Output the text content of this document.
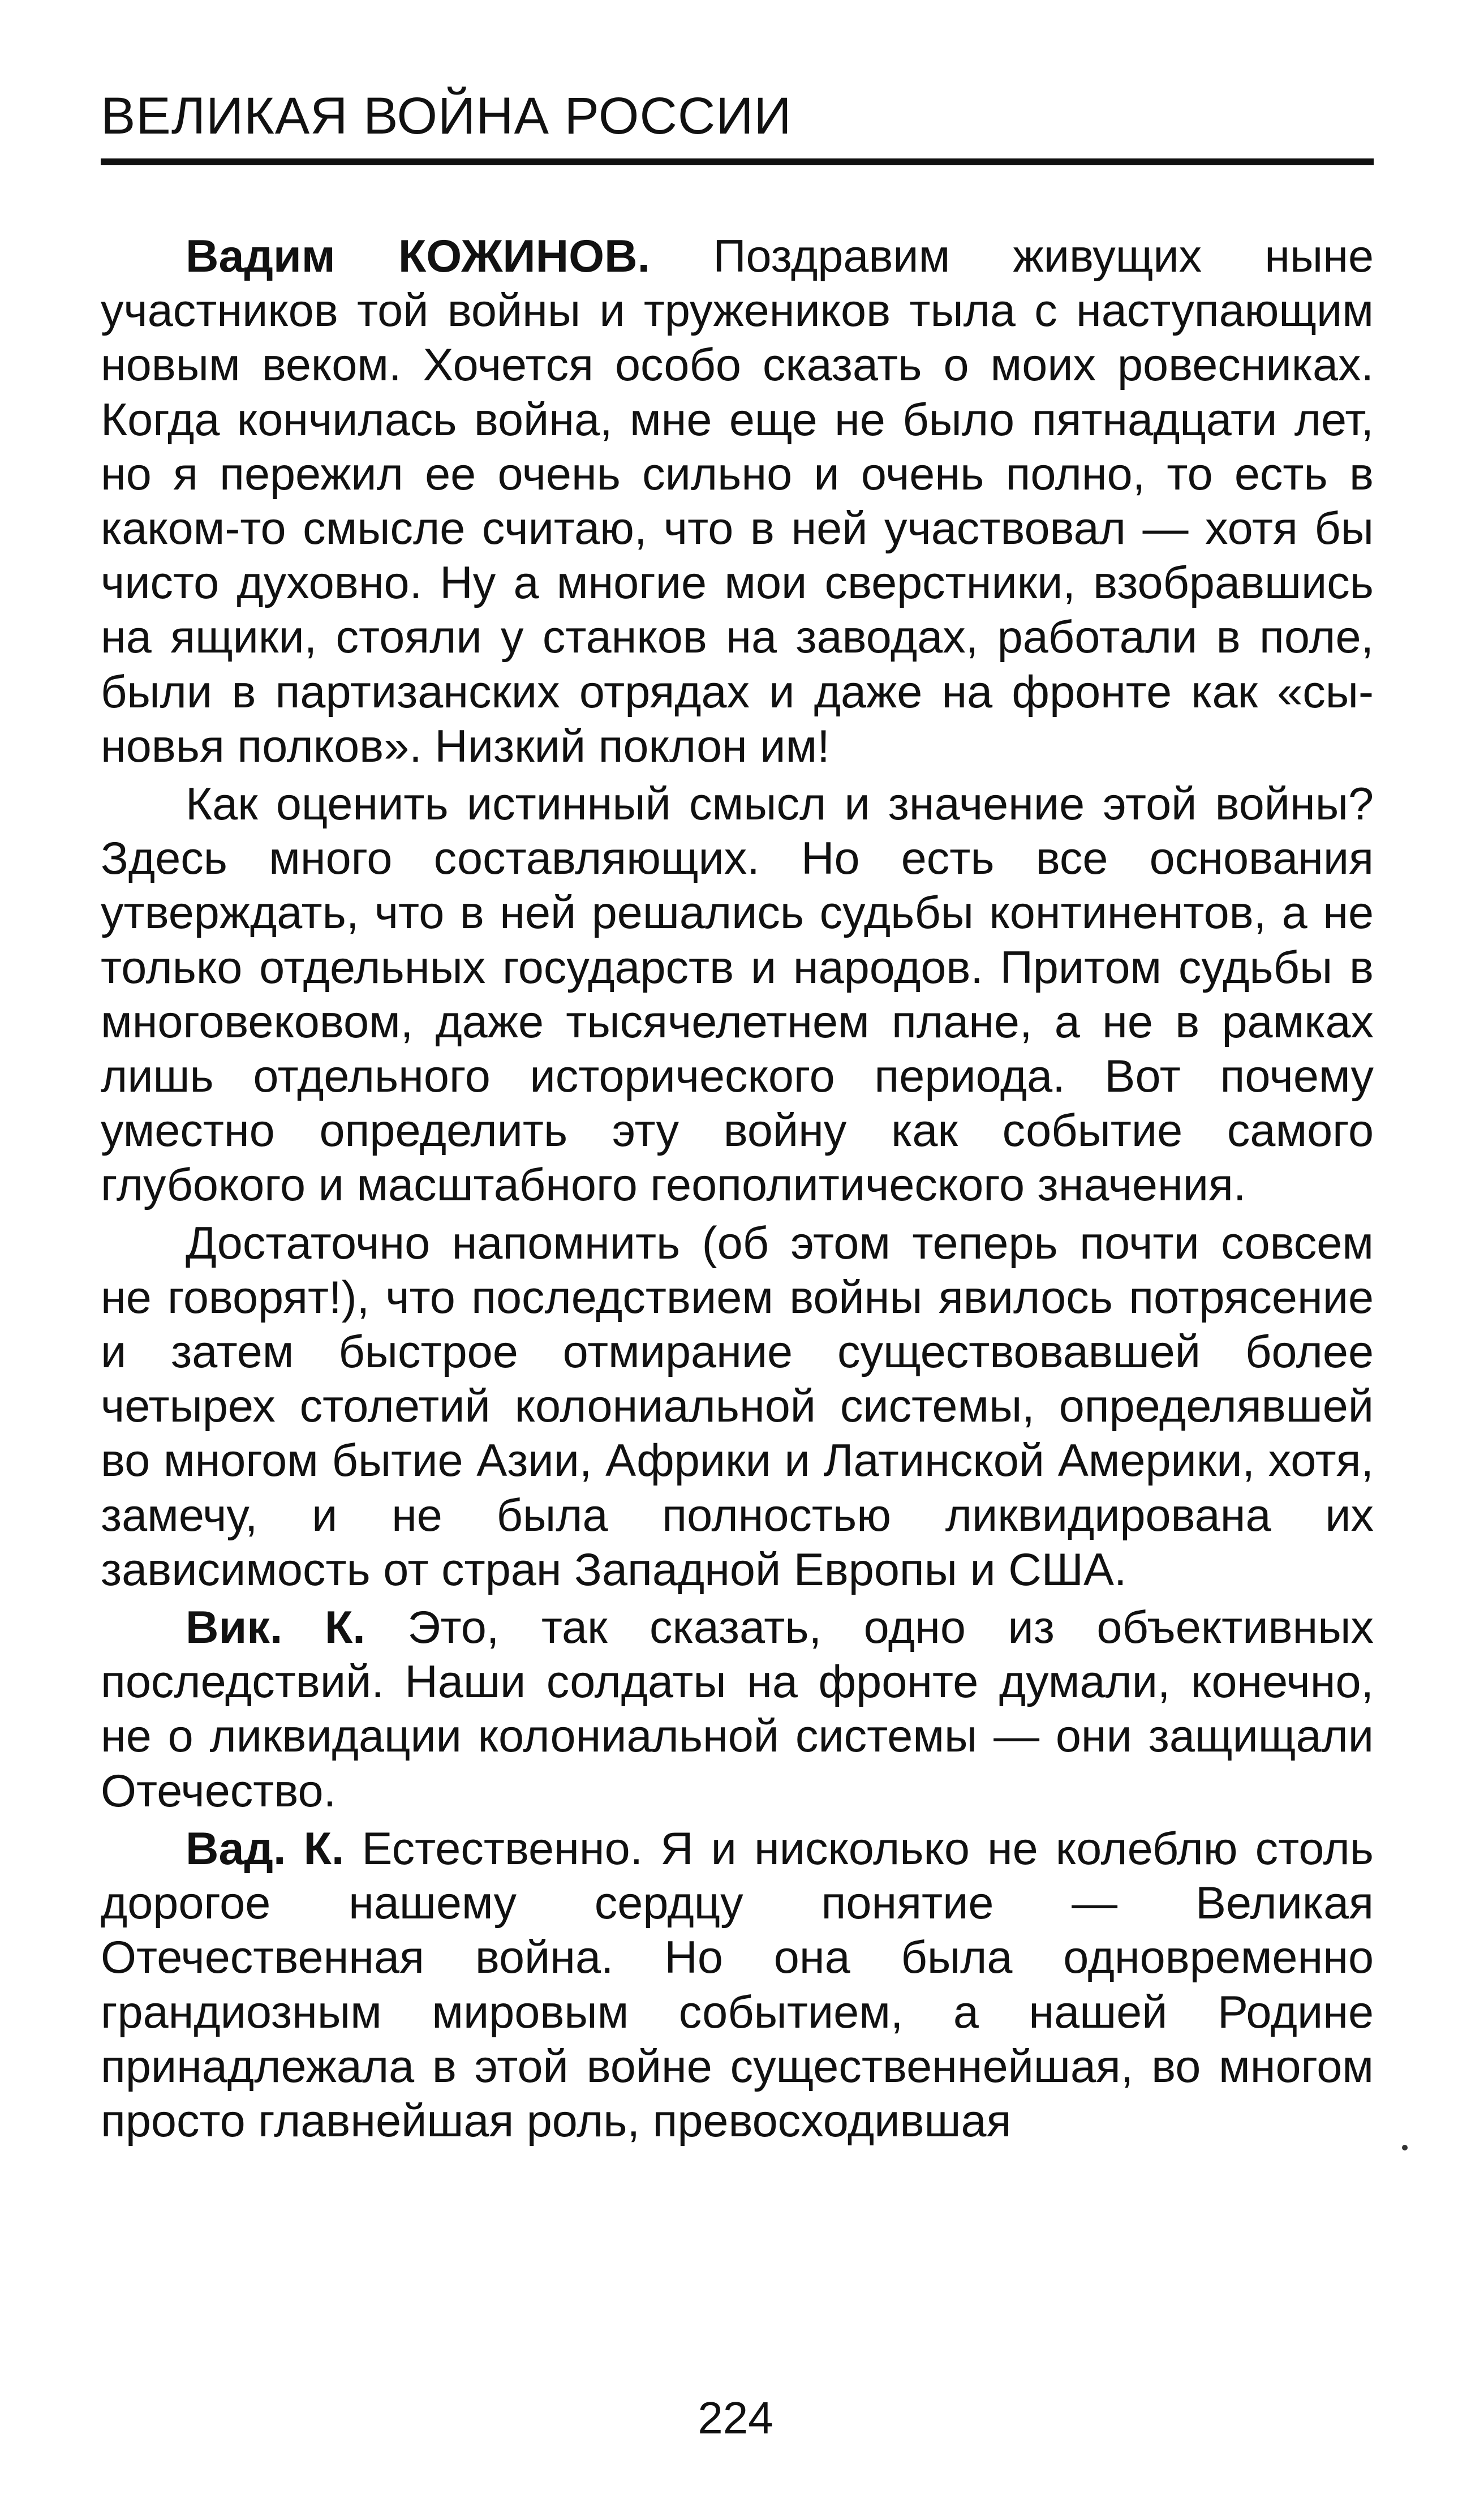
ВЕЛИКАЯ ВОЙНА РОССИИ

Вадим КОЖИНОВ. Поздравим живущих ныне участников той войны и тружеников тыла с наступающим новым веком. Хочется особо сказать о моих ровесниках. Когда кончилась война, мне еще не было пятнадцати лет, но я пережил ее очень сильно и очень полно, то есть в каком-то смысле считаю, что в ней участвовал — хотя бы чисто духовно. Ну а многие мои сверстники, взобравшись на ящики, стояли у станков на заводах, работали в поле, были в партизанских отрядах и даже на фронте как «сыновья полков». Низкий поклон им!

Как оценить истинный смысл и значение этой войны? Здесь много составляющих. Но есть все основания утверждать, что в ней решались судьбы континентов, а не только отдельных государств и народов. Притом судьбы в многовековом, даже тысячелетнем плане, а не в рамках лишь отдельного исторического периода. Вот почему уместно определить эту войну как событие самого глубокого и масштабного геополитического значения.

Достаточно напомнить (об этом теперь почти совсем не говорят!), что последствием войны явилось потрясение и затем быстрое отмирание существовавшей более четырех столетий колониальной системы, определявшей во многом бытие Азии, Африки и Латинской Америки, хотя, замечу, и не была полностью ликвидирована их зависимость от стран Западной Европы и США.

Вик. К. Это, так сказать, одно из объективных последствий. Наши солдаты на фронте думали, конечно, не о ликвидации колониальной системы — они защищали Отечество.

Вад. К. Естественно. Я и нисколько не колеблю столь дорогое нашему сердцу понятие — Великая Отечественная война. Но она была одновременно грандиозным мировым событием, а нашей Родине принадлежала в этой войне существеннейшая, во многом просто главнейшая роль, превосходившая

224
